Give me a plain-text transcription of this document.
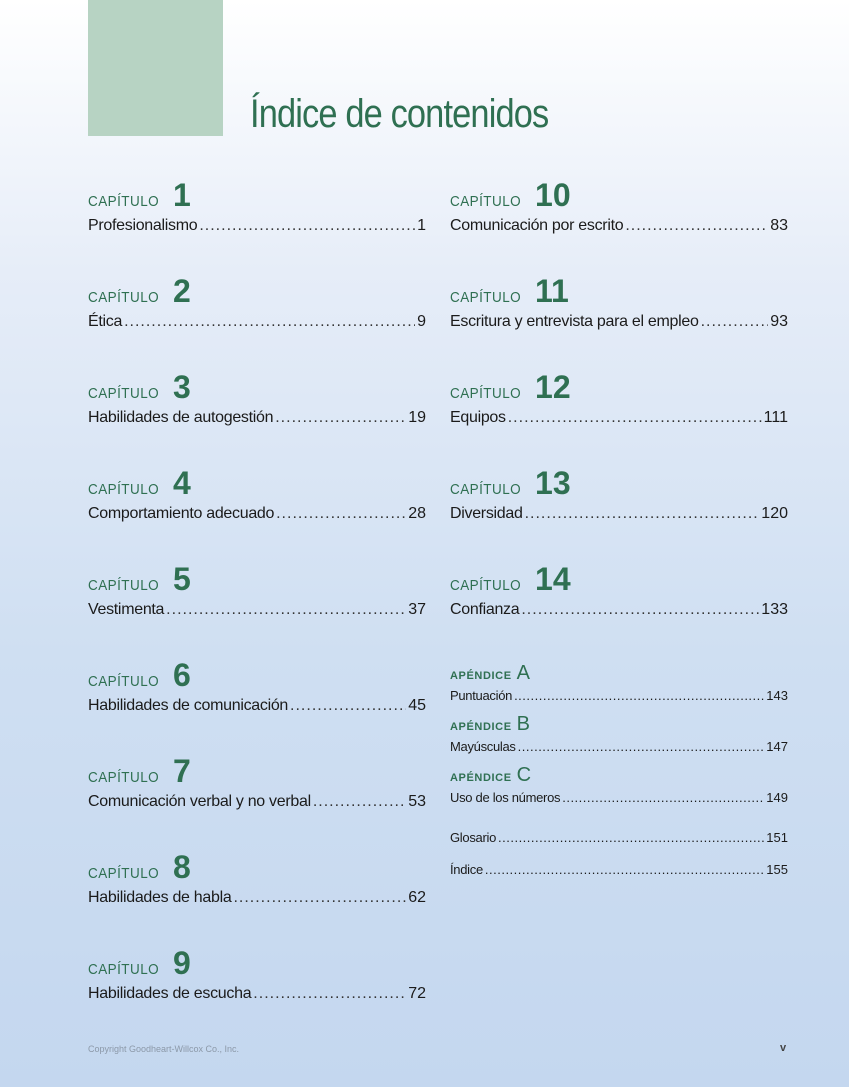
Índice de contenidos
CAPÍTULO 1
Profesionalismo .....	1
CAPÍTULO 2
Ética .....	9
CAPÍTULO 3
Habilidades de autogestión .....	19
CAPÍTULO 4
Comportamiento adecuado .....	28
CAPÍTULO 5
Vestimenta .....	37
CAPÍTULO 6
Habilidades de comunicación .....	45
CAPÍTULO 7
Comunicación verbal y no verbal .....	53
CAPÍTULO 8
Habilidades de habla .....	62
CAPÍTULO 9
Habilidades de escucha .....	72
CAPÍTULO 10
Comunicación por escrito .....	83
CAPÍTULO 11
Escritura y entrevista para el empleo .....	93
CAPÍTULO 12
Equipos .....	111
CAPÍTULO 13
Diversidad .....	120
CAPÍTULO 14
Confianza .....	133
APÉNDICE A
Puntuación .....	143
APÉNDICE B
Mayúsculas .....	147
APÉNDICE C
Uso de los números .....	149
Glosario .....	151
Índice .....	155
Copyright Goodheart-Willcox Co., Inc.	v
